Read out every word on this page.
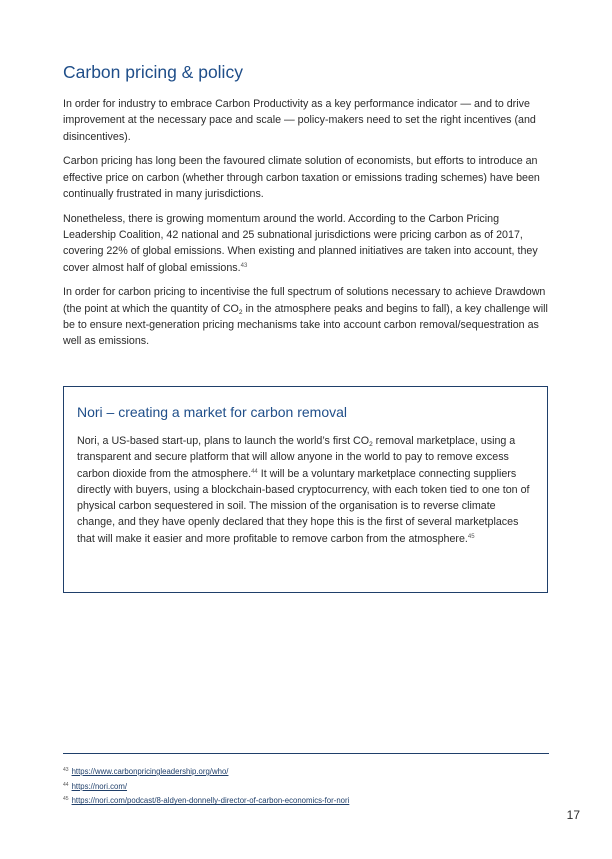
Carbon pricing & policy

In order for industry to embrace Carbon Productivity as a key performance indicator — and to drive improvement at the necessary pace and scale — policy-makers need to set the right incentives (and disincentives).

Carbon pricing has long been the favoured climate solution of economists, but efforts to introduce an effective price on carbon (whether through carbon taxation or emissions trading schemes) have been continually frustrated in many jurisdictions.

Nonetheless, there is growing momentum around the world. According to the Carbon Pricing Leadership Coalition, 42 national and 25 subnational jurisdictions were pricing carbon as of 2017, covering 22% of global emissions. When existing and planned initiatives are taken into account, they cover almost half of global emissions.$^{43}$

In order for carbon pricing to incentivise the full spectrum of solutions necessary to achieve Drawdown (the point at which the quantity of $CO_2$ in the atmosphere peaks and begins to fall), a key challenge will be to ensure next-generation pricing mechanisms take into account carbon removal/sequestration as well as emissions.

Nori – creating a market for carbon removal

Nori, a US-based start-up, plans to launch the world’s first $CO_2$ removal marketplace, using a transparent and secure platform that will allow anyone in the world to pay to remove excess carbon dioxide from the atmosphere.$^{44}$ It will be a voluntary marketplace connecting suppliers directly with buyers, using a blockchain-based cryptocurrency, with each token tied to one ton of physical carbon sequestered in soil. The mission of the organisation is to reverse climate change, and they have openly declared that they hope this is the first of several marketplaces that will make it easier and more profitable to remove carbon from the atmosphere.$^{45}$

$^{43}$ https://www.carbonpricingleadership.org/who/
$^{44}$ https://nori.com/
$^{45}$ https://nori.com/podcast/8-aldyen-donnelly-director-of-carbon-economics-for-nori
17
